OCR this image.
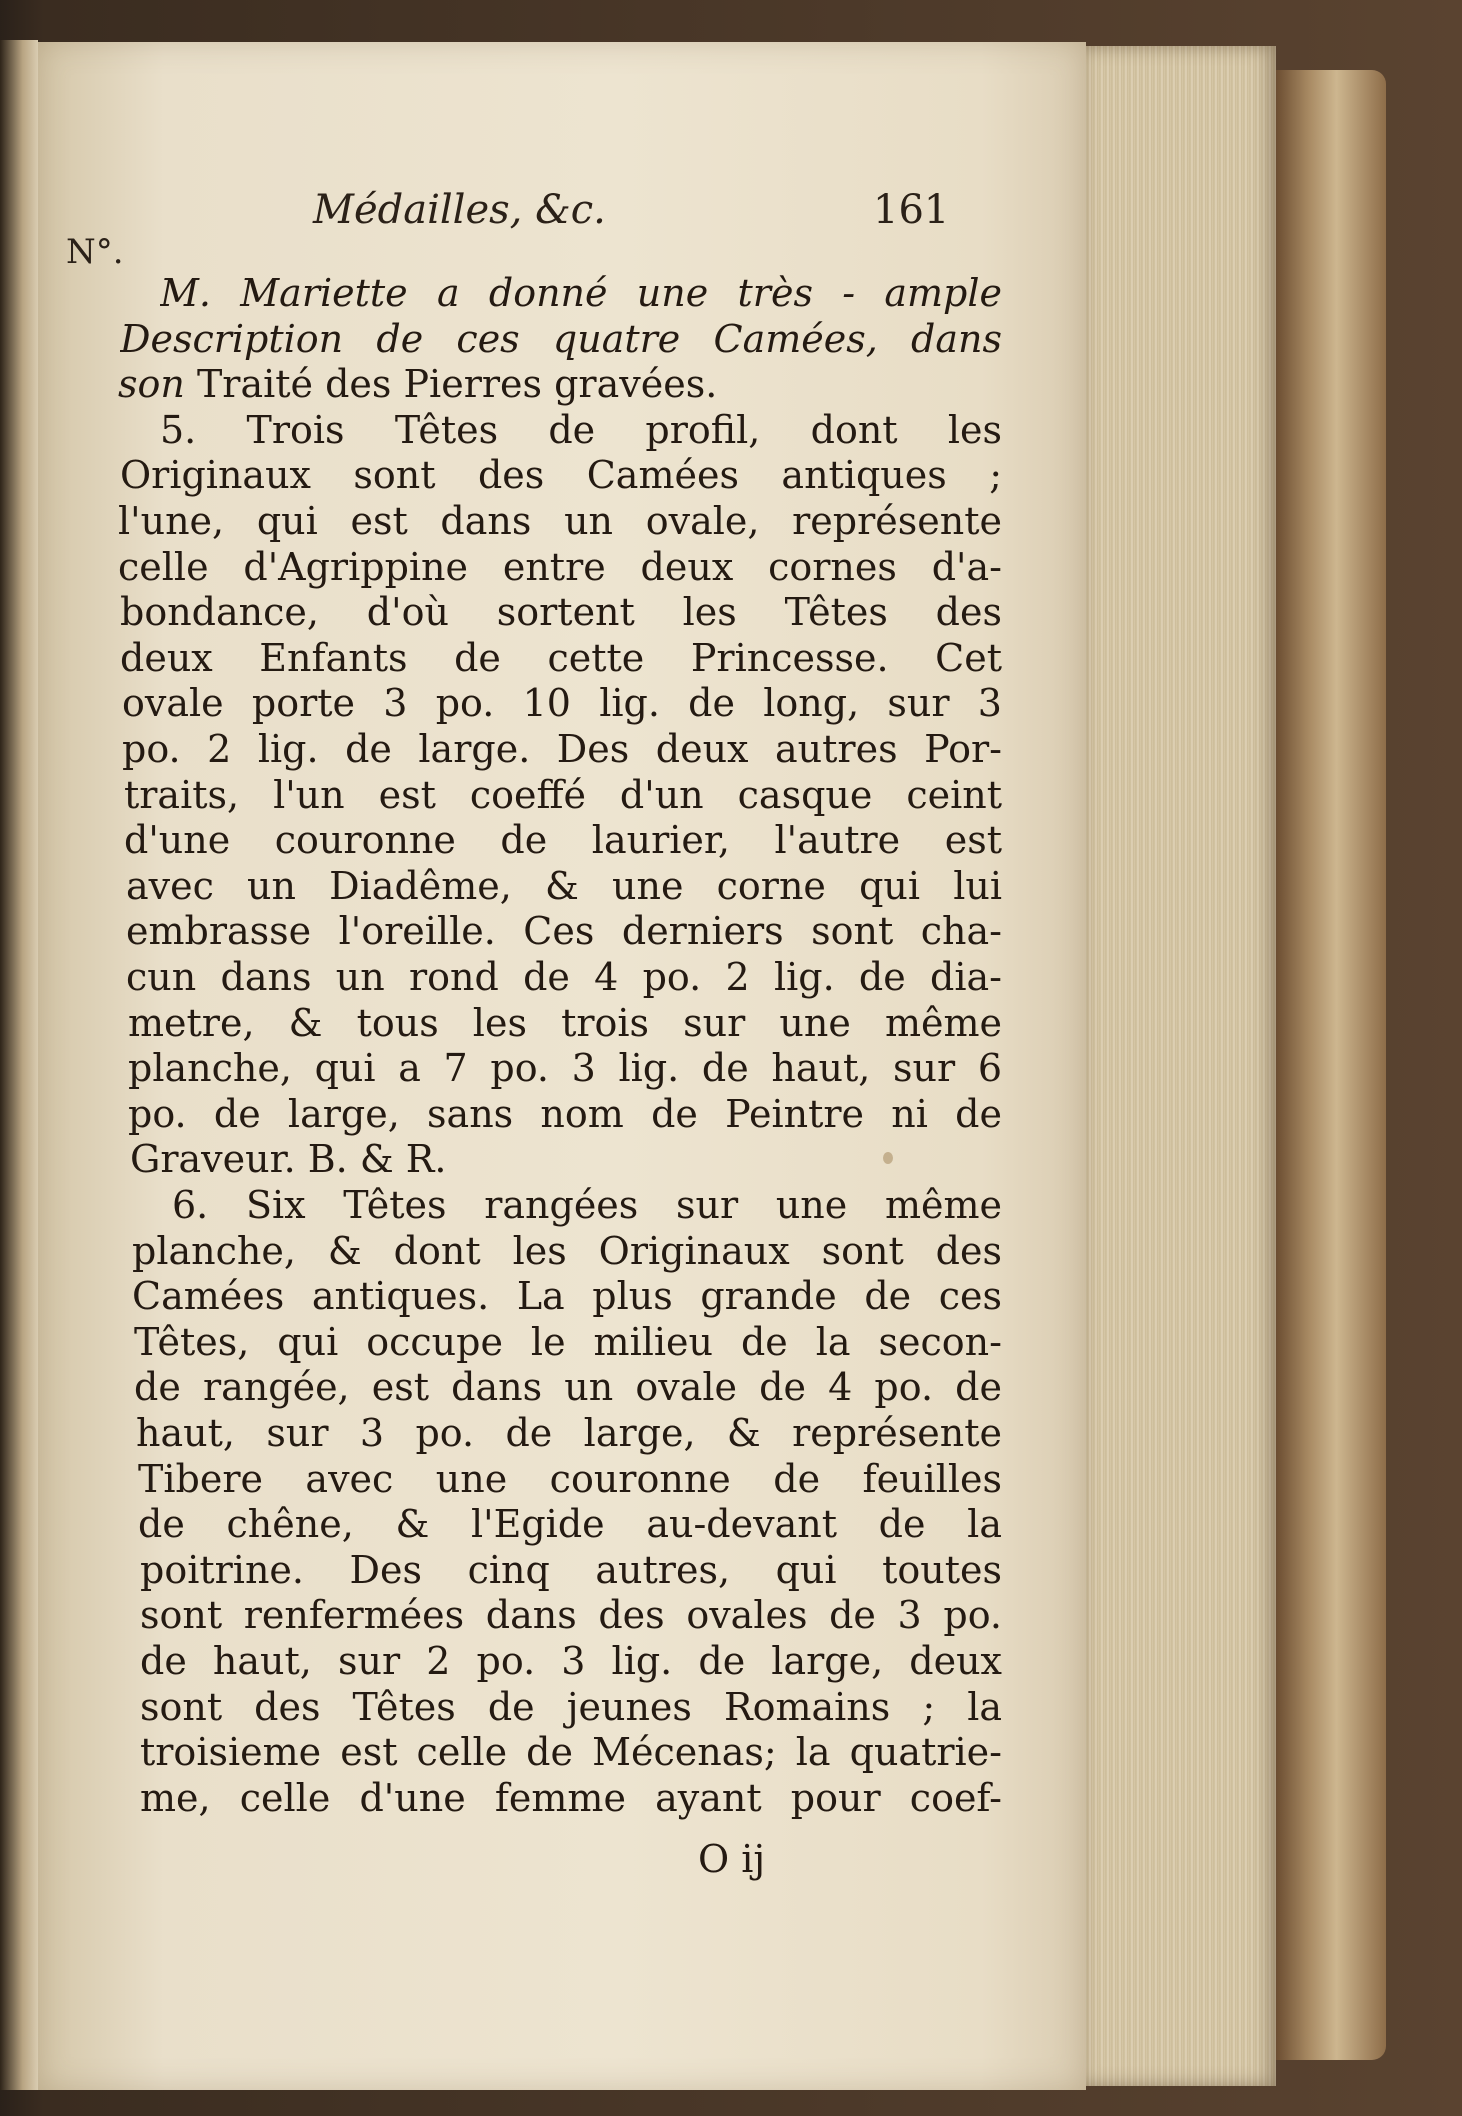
Médailles, &c.	161
N°.
M. Mariette a donné une très - ample
Description de ces quatre Camées, dans
son Traité des Pierres gravées.
5. Trois Têtes de profil, dont les
Originaux sont des Camées antiques ;
l'une, qui est dans un ovale, représente
celle d'Agrippine entre deux cornes d'a-
bondance, d'où sortent les Têtes des
deux Enfants de cette Princesse. Cet
ovale porte 3 po. 10 lig. de long, sur 3
po. 2 lig. de large. Des deux autres Por-
traits, l'un est coeffé d'un casque ceint
d'une couronne de laurier, l'autre est
avec un Diadême, & une corne qui lui
embrasse l'oreille. Ces derniers sont cha-
cun dans un rond de 4 po. 2 lig. de dia-
metre, & tous les trois sur une même
planche, qui a 7 po. 3 lig. de haut, sur 6
po. de large, sans nom de Peintre ni de
Graveur. B. & R.
6. Six Têtes rangées sur une même
planche, & dont les Originaux sont des
Camées antiques. La plus grande de ces
Têtes, qui occupe le milieu de la secon-
de rangée, est dans un ovale de 4 po. de
haut, sur 3 po. de large, & représente
Tibere avec une couronne de feuilles
de chêne, & l'Egide au-devant de la
poitrine. Des cinq autres, qui toutes
sont renfermées dans des ovales de 3 po.
de haut, sur 2 po. 3 lig. de large, deux
sont des Têtes de jeunes Romains ; la
troisieme est celle de Mécenas; la quatrie-
me, celle d'une femme ayant pour coef-
O ij
